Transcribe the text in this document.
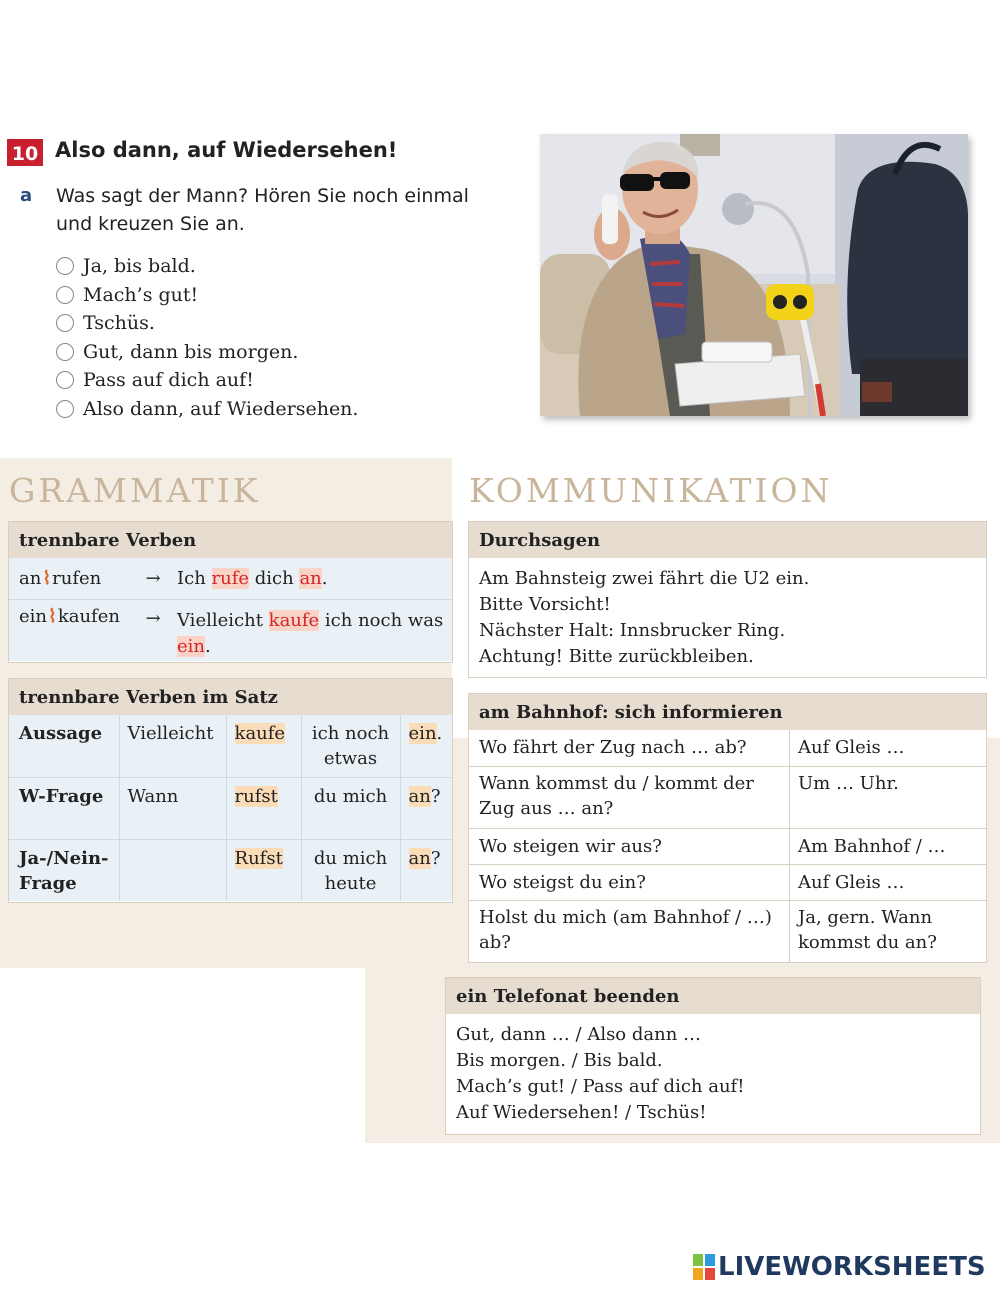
10 Also dann, auf Wiedersehen!
a Was sagt der Mann? Hören Sie noch einmal und kreuzen Sie an.
Ja, bis bald.
Mach’s gut!
Tschüs.
Gut, dann bis morgen.
Pass auf dich auf!
Also dann, auf Wiedersehen.
GRAMMATIK	KOMMUNIKATION
trennbare Verben
an⌇rufen	→	Ich rufe dich an.
ein⌇kaufen	→	Vielleicht kaufe ich noch was ein.
trennbare Verben im Satz
Aussage	Vielleicht	kaufe	ich noch etwas	ein.
W-Frage	Wann	rufst	du mich	an?
Ja-/Nein-Frage		Rufst	du mich heute	an?
Durchsagen
Am Bahnsteig zwei fährt die U2 ein.
Bitte Vorsicht!
Nächster Halt: Innsbrucker Ring.
Achtung! Bitte zurückbleiben.
am Bahnhof: sich informieren
Wo fährt der Zug nach … ab?	Auf Gleis …
Wann kommst du / kommt der Zug aus … an?	Um … Uhr.
Wo steigen wir aus?	Am Bahnhof / …
Wo steigst du ein?	Auf Gleis …
Holst du mich (am Bahnhof / …) ab?	Ja, gern. Wann kommst du an?
ein Telefonat beenden
Gut, dann … / Also dann …
Bis morgen. / Bis bald.
Mach’s gut! / Pass auf dich auf!
Auf Wiedersehen! / Tschüs!
LIVEWORKSHEETS
